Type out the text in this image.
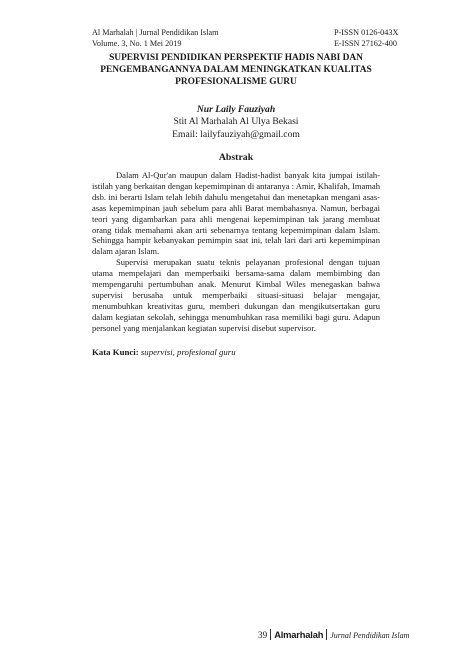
Al Marhalah | Jurnal Pendidikan Islam
Volume. 3, No. 1 Mei 2019
P-ISSN 0126-043X
E-ISSN 27162-400
SUPERVISI PENDIDIKAN PERSPEKTIF HADIS NABI DAN
PENGEMBANGANNYA DALAM MENINGKATKAN KUALITAS
PROFESIONALISME GURU
Nur Laily Fauziyah
Stit Al Marhalah Al Ulya Bekasi
Email: lailyfauziyah@gmail.com
Abstrak

Dalam Al-Qur'an maupun dalam Hadist-hadist banyak kita jumpai istilah-istilah yang berkaitan dengan kepemimpinan di antaranya : Amir, Khalifah, Imamah dsb. ini berarti Islam telah lebih dahulu mengetahui dan menetapkan mengani asas-asas kepemimpinan jauh sebelum para ahli Barat membahasnya. Namun, berbagai teori yang digambarkan para ahli mengenai kepemimpinan tak jarang membuat orang tidak memahami akan arti sebenarnya tentang kepemimpinan dalam Islam. Sehingga hampir kebanyakan pemimpin saat ini, telah lari dari arti kepemimpinan dalam ajaran Islam.

Supervisi merupakan suatu teknis pelayanan profesional dengan tujuan utama mempelajari dan memperbaiki bersama-sama dalam membimbing dan mempengaruhi pertumbuhan anak. Menurut Kimbal Wiles menegaskan bahwa supervisi berusaha untuk memperbaiki situasi-situasi belajar mengajar, menumbuhkan kreativitas guru, memberi dukungan dan mengikutsertakan guru dalam kegiatan sekolah, sehingga menumbuhkan rasa memiliki bagi guru. Adapun personel yang menjalankan kegiatan supervisi disebut supervisor.

Kata Kunci: supervisi, profesional guru
39 Almarhalah Jurnal Pendidikan Islam
